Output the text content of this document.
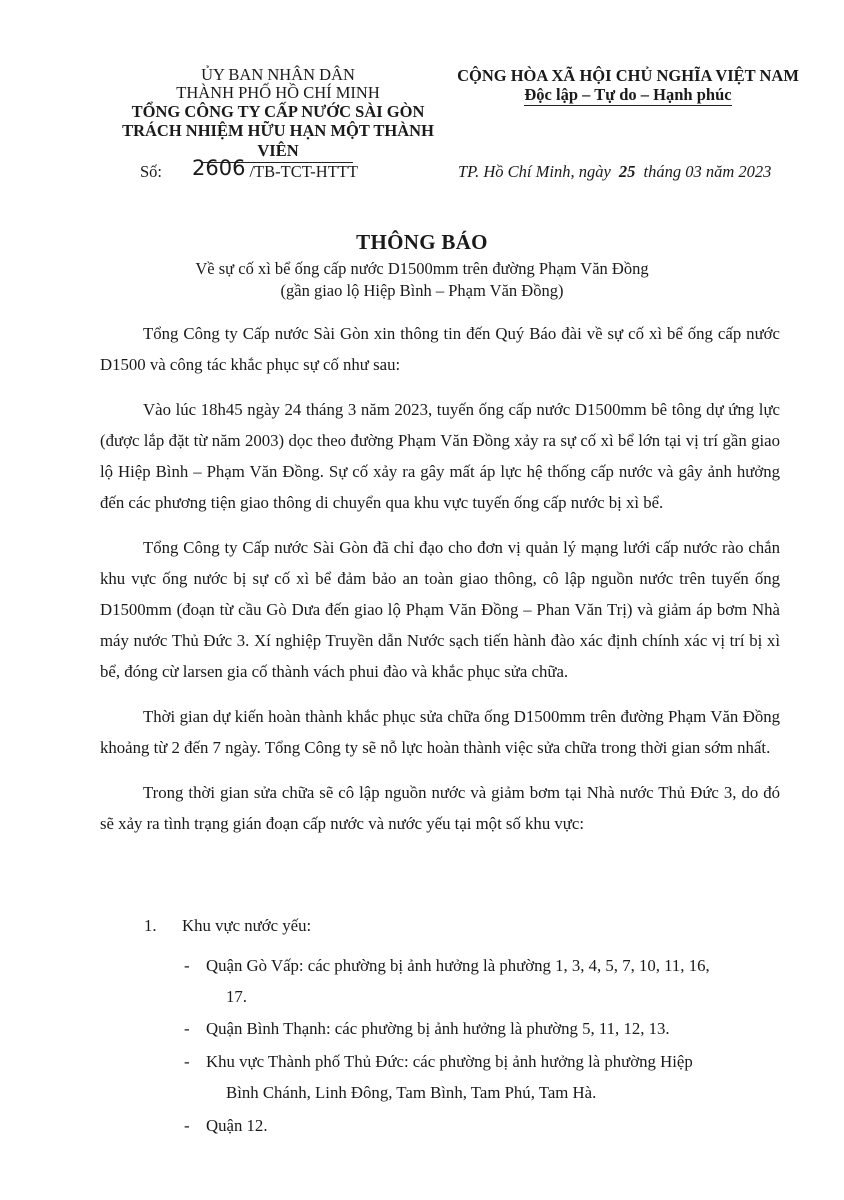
ỦY BAN NHÂN DÂN
THÀNH PHỐ HỒ CHÍ MINH
TỔNG CÔNG TY CẤP NƯỚC SÀI GÒN
TRÁCH NHIỆM HỮU HẠN MỘT THÀNH VIÊN
CỘNG HÒA XÃ HỘI CHỦ NGHĨA VIỆT NAM
Độc lập – Tự do – Hạnh phúc
Số: 2606 /TB-TCT-HTTT	TP. Hồ Chí Minh, ngày 25 tháng 03 năm 2023
THÔNG BÁO
Về sự cố xì bể ống cấp nước D1500mm trên đường Phạm Văn Đồng
(gần giao lộ Hiệp Bình – Phạm Văn Đồng)

Tổng Công ty Cấp nước Sài Gòn xin thông tin đến Quý Báo đài về sự cố xì bể ống cấp nước D1500 và công tác khắc phục sự cố như sau:

Vào lúc 18h45 ngày 24 tháng 3 năm 2023, tuyến ống cấp nước D1500mm bê tông dự ứng lực (được lắp đặt từ năm 2003) dọc theo đường Phạm Văn Đồng xảy ra sự cố xì bể lớn tại vị trí gần giao lộ Hiệp Bình – Phạm Văn Đồng. Sự cố xảy ra gây mất áp lực hệ thống cấp nước và gây ảnh hưởng đến các phương tiện giao thông di chuyển qua khu vực tuyến ống cấp nước bị xì bể.

Tổng Công ty Cấp nước Sài Gòn đã chỉ đạo cho đơn vị quản lý mạng lưới cấp nước rào chắn khu vực ống nước bị sự cố xì bể đảm bảo an toàn giao thông, cô lập nguồn nước trên tuyến ống D1500mm (đoạn từ cầu Gò Dưa đến giao lộ Phạm Văn Đồng – Phan Văn Trị) và giảm áp bơm Nhà máy nước Thủ Đức 3. Xí nghiệp Truyền dẫn Nước sạch tiến hành đào xác định chính xác vị trí bị xì bể, đóng cừ larsen gia cố thành vách phui đào và khắc phục sửa chữa.

Thời gian dự kiến hoàn thành khắc phục sửa chữa ống D1500mm trên đường Phạm Văn Đồng khoảng từ 2 đến 7 ngày. Tổng Công ty sẽ nỗ lực hoàn thành việc sửa chữa trong thời gian sớm nhất.

Trong thời gian sửa chữa sẽ cô lập nguồn nước và giảm bơm tại Nhà nước Thủ Đức 3, do đó sẽ xảy ra tình trạng gián đoạn cấp nước và nước yếu tại một số khu vực:

1. Khu vực nước yếu:
- Quận Gò Vấp: các phường bị ảnh hưởng là phường 1, 3, 4, 5, 7, 10, 11, 16,
17.
- Quận Bình Thạnh: các phường bị ảnh hưởng là phường 5, 11, 12, 13.
- Khu vực Thành phố Thủ Đức: các phường bị ảnh hưởng là phường Hiệp
Bình Chánh, Linh Đông, Tam Bình, Tam Phú, Tam Hà.
- Quận 12.
